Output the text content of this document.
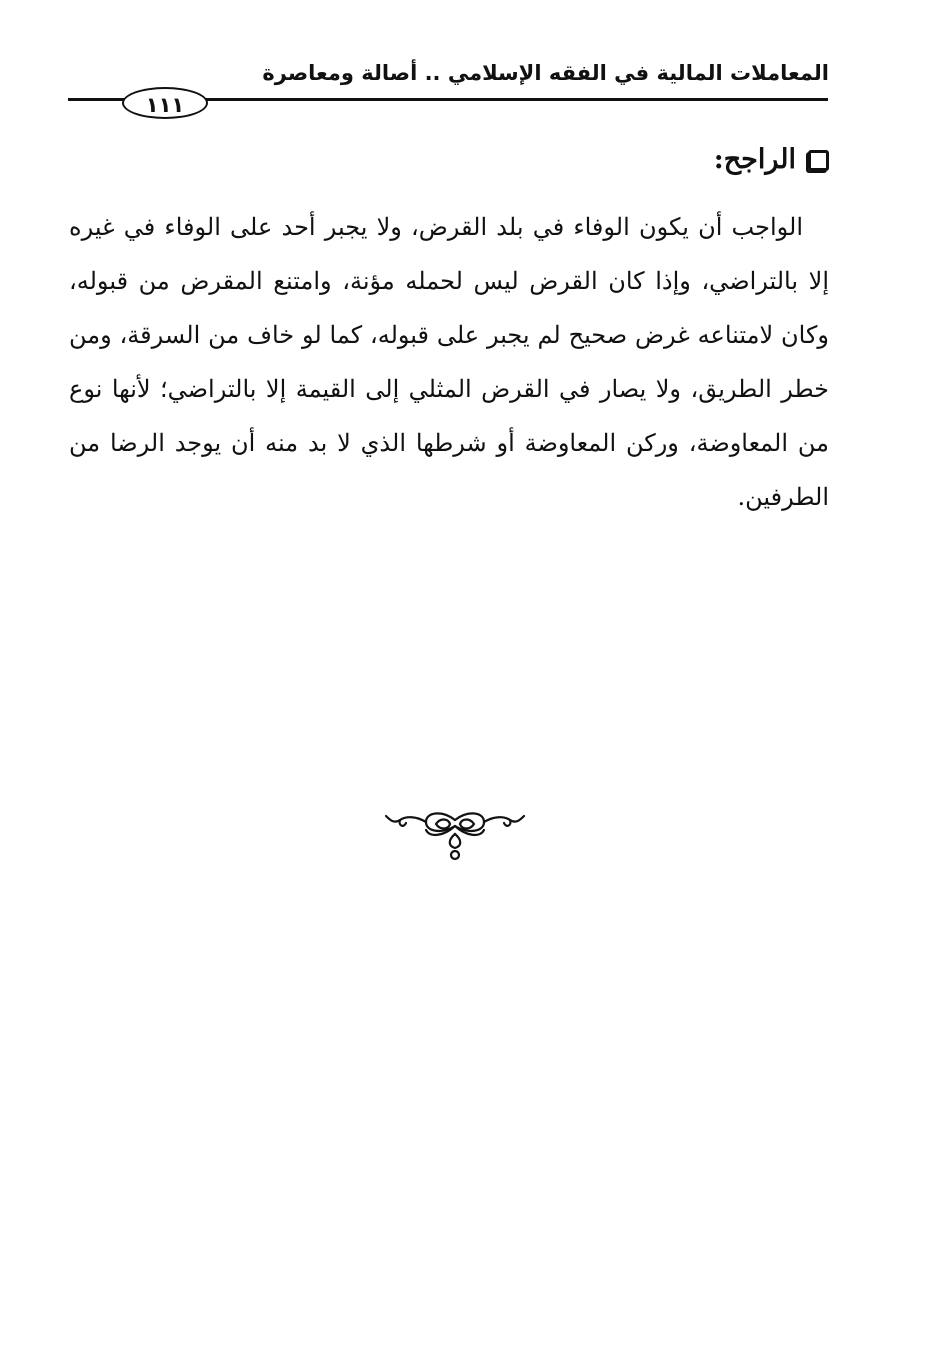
المعاملات المالية في الفقه الإسلامي .. أصالة ومعاصرة
١١١
الراجح:

الواجب أن يكون الوفاء في بلد القرض، ولا يجبر أحد على الوفاء في غيره إلا بالتراضي، وإذا كان القرض ليس لحمله مؤنة، وامتنع المقرض من قبوله، وكان لامتناعه غرض صحيح لم يجبر على قبوله، كما لو خاف من السرقة، ومن خطر الطريق، ولا يصار في القرض المثلي إلى القيمة إلا بالتراضي؛ لأنها نوع من المعاوضة، وركن المعاوضة أو شرطها الذي لا بد منه أن يوجد الرضا من الطرفين.
